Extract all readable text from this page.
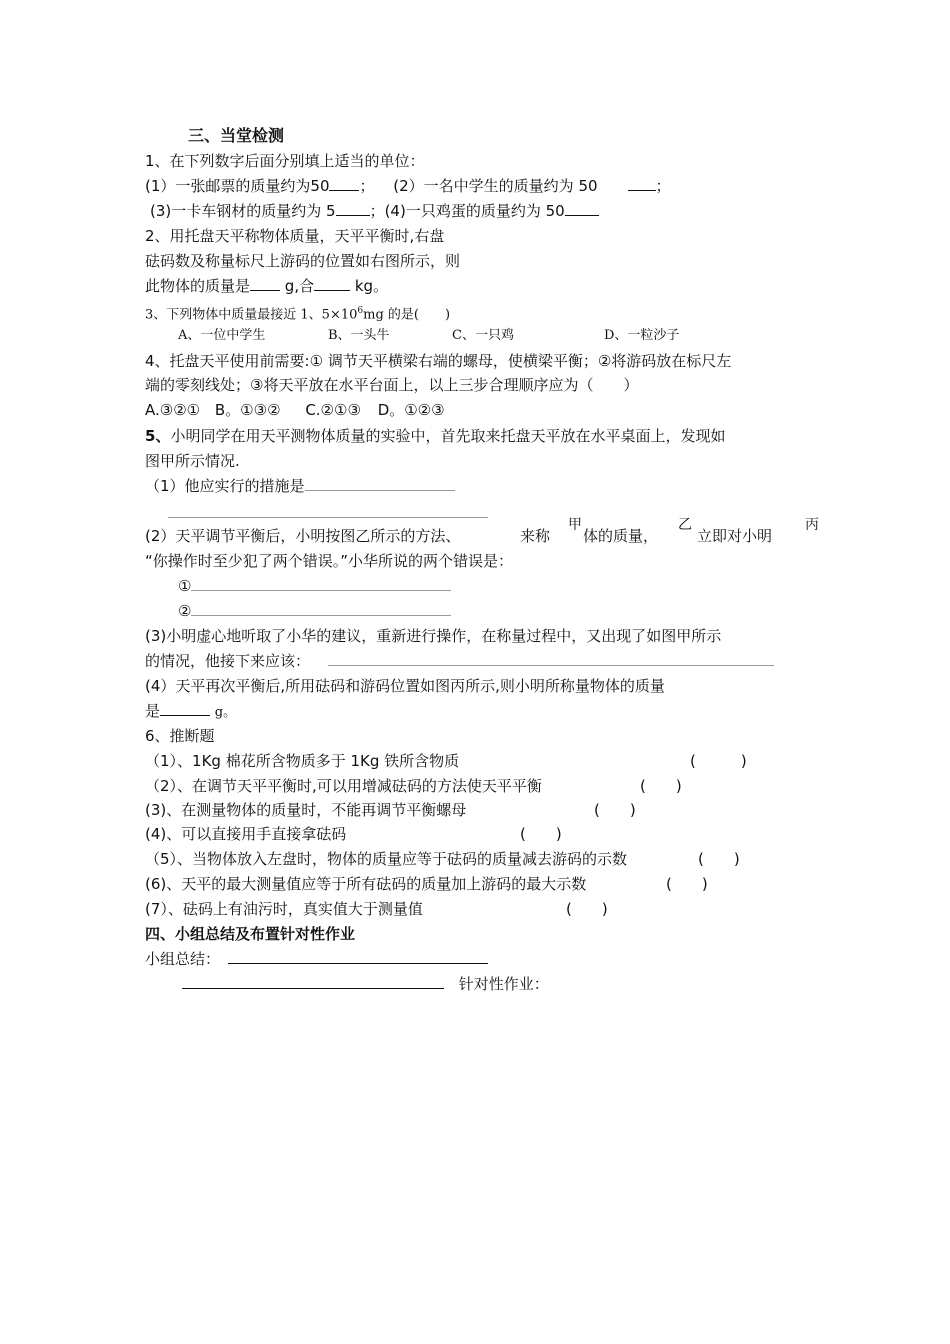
三、当堂检测
1、在下列数字后面分别填上适当的单位：
(1）一张邮票的质量约为50 ； (2）一名中学生的质量约为 50	；
(3)一卡车钢材的质量约为 5 ；(4)一只鸡蛋的质量约为 50
2、用托盘天平称物体质量，天平平衡时,右盘
砝码数及称量标尺上游码的位置如右图所示，则
此物体的质量是 g,合	kg。
3、下列物体中质量最接近 1、$5\times 10^6mg$ 的是(　　)
A、一位中学生	B、一头牛	C、一只鸡	D、一粒沙子
4、托盘天平使用前需要:① 调节天平横梁右端的螺母，使横梁平衡；②将游码放在标尺左
端的零刻线处；③将天平放在水平台面上，以上三步合理顺序应为（　　）
A.③②① B。①③② C.②①③ D。①②③
5、小明同学在用天平测物体质量的实验中，首先取来托盘天平放在水平桌面上，发现如
图甲所示情况.
（1）他应实行的措施是
(2）天平调节平衡后，小明按图乙所示的方法、	来称 体的质量，	立即对小明
甲	乙	丙
“你操作时至少犯了两个错误。”小华所说的两个错误是：
①
②
(3)小明虚心地听取了小华的建议，重新进行操作，在称量过程中，又出现了如图甲所示
的情况，他接下来应该：
(4）天平再次平衡后,所用砝码和游码位置如图丙所示,则小明所称量物体的质量
是	g。
6、推断题
（1）、1Kg 棉花所含物质多于 1Kg 铁所含物质	(　　　)
（2）、在调节天平平衡时,可以用增减砝码的方法使天平平衡	(　　)
(3)、在测量物体的质量时，不能再调节平衡螺母	(　　)
(4)、可以直接用手直接拿砝码	(　　)
（5）、当物体放入左盘时，物体的质量应等于砝码的质量减去游码的示数	(　　)
(6)、天平的最大测量值应等于所有砝码的质量加上游码的最大示数	(　　)
(7）、砝码上有油污时，真实值大于测量值	(　　)
四、小组总结及布置针对性作业
小组总结：
针对性作业：
